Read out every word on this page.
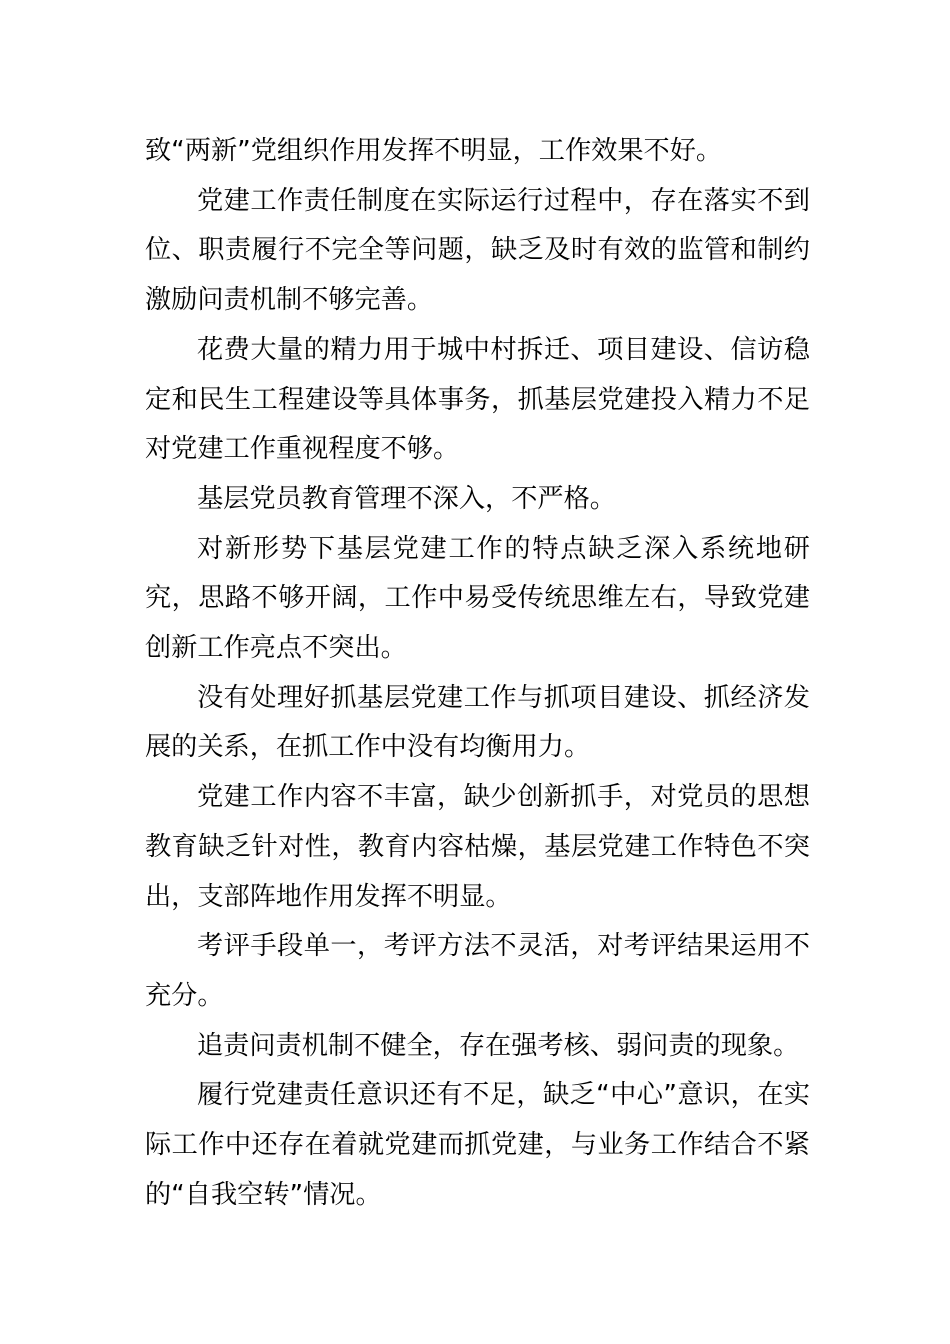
致“两新”党组织作用发挥不明显，工作效果不好。

党建工作责任制度在实际运行过程中，存在落实不到位、职责履行不完全等问题，缺乏及时有效的监管和制约激励问责机制不够完善。

花费大量的精力用于城中村拆迁、项目建设、信访稳定和民生工程建设等具体事务，抓基层党建投入精力不足对党建工作重视程度不够。

基层党员教育管理不深入，不严格。

对新形势下基层党建工作的特点缺乏深入系统地研究，思路不够开阔，工作中易受传统思维左右，导致党建创新工作亮点不突出。

没有处理好抓基层党建工作与抓项目建设、抓经济发展的关系，在抓工作中没有均衡用力。

党建工作内容不丰富，缺少创新抓手，对党员的思想教育缺乏针对性，教育内容枯燥，基层党建工作特色不突出，支部阵地作用发挥不明显。

考评手段单一，考评方法不灵活，对考评结果运用不充分。

追责问责机制不健全，存在强考核、弱问责的现象。

履行党建责任意识还有不足，缺乏“中心”意识，在实际工作中还存在着就党建而抓党建，与业务工作结合不紧的“自我空转”情况。
